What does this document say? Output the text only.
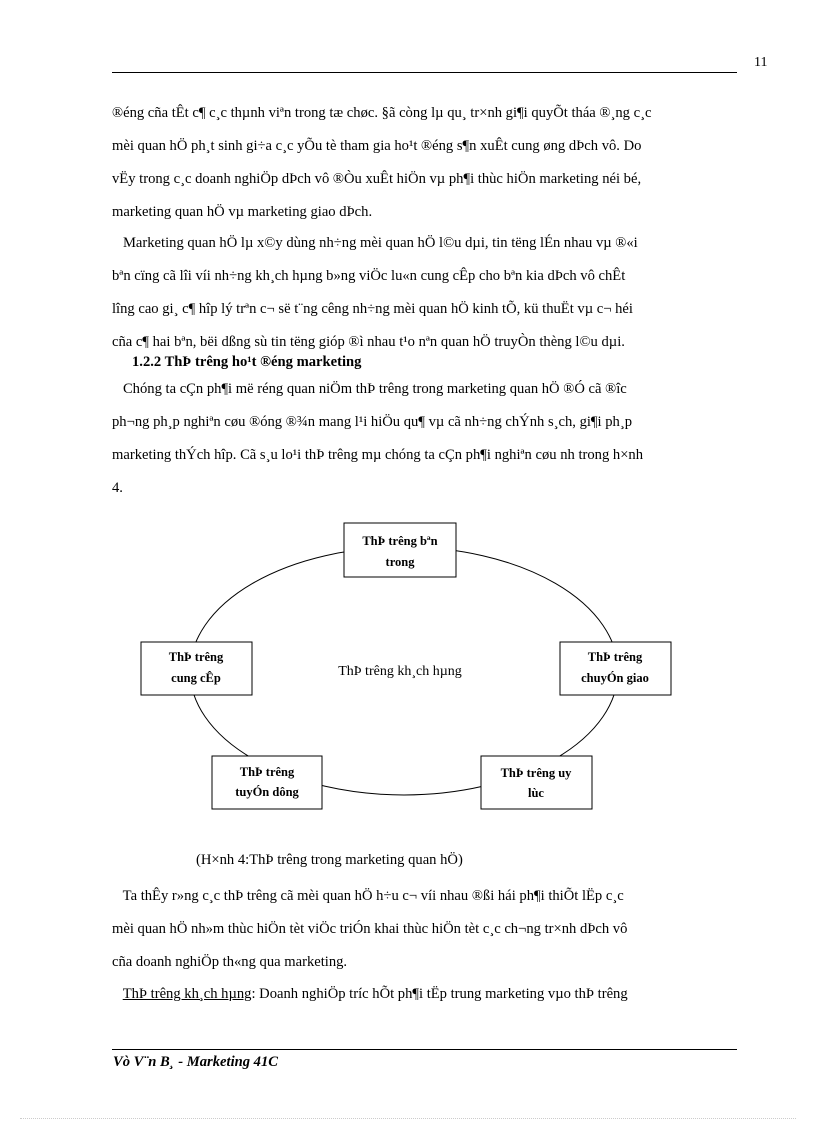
11
®éng cña tÊt c¶ c¸c thµnh viªn trong tæ chøc. §ã còng lµ qu¸ tr×nh gi¶i quyÕt tháa ®¸ng c¸c
mèi quan hÖ ph¸t sinh gi÷a c¸c yÕu tè tham gia ho¹t ®éng s¶n xuÊt cung øng dÞch vô. Do
vËy trong c¸c doanh nghiÖp dÞch vô ®Òu xuÊt hiÖn vµ ph¶i thùc hiÖn marketing néi bé,
marketing quan hÖ vµ marketing giao dÞch.
Marketing quan hÖ lµ x©y dùng nh÷ng mèi quan hÖ l©u dµi, tin tëng lÉn nhau vµ ®«i
bªn cïng cã lîi víi nh÷ng kh¸ch hµng b»ng viÖc lu«n cung cÊp cho bªn kia dÞch vô chÊt
lîng cao gi¸ c¶ hîp lý trªn c¬ së t¨ng cêng nh÷ng mèi quan hÖ kinh tÕ, kü thuËt vµ c¬ héi
cña c¶ hai bªn, bëi dßng sù tin tëng gióp ®ì nhau t¹o nªn quan hÖ truyÒn thèng l©u dµi.
1.2.2 ThÞ trêng ho¹t ®éng marketing
Chóng ta cÇn ph¶i më réng quan niÖm thÞ trêng trong marketing quan hÖ ®Ó cã ®îc
ph¬ng ph¸p nghiªn cøu ®óng ®¾n mang l¹i hiÖu qu¶ vµ cã nh÷ng chÝnh s¸ch, gi¶i ph¸p
marketing thÝch hîp. Cã s¸u lo¹i thÞ trêng mµ chóng ta cÇn ph¶i nghiªn cøu nh trong h×nh
4.
ThÞ trêng bªn
trong
ThÞ trêng
cung cÊp
ThÞ trêng
chuyÓn giao
ThÞ trêng
tuyÓn dông
ThÞ trêng uy
lùc
ThÞ trêng kh¸ch hµng
(H×nh 4:ThÞ trêng trong marketing quan hÖ)
Ta thÊy r»ng c¸c thÞ trêng cã mèi quan hÖ h÷u c¬ víi nhau ®ßi hái ph¶i thiÕt lËp c¸c
mèi quan hÖ nh»m thùc hiÖn tèt viÖc triÓn khai thùc hiÖn tèt c¸c ch¬ng tr×nh dÞch vô
cña doanh nghiÖp th«ng qua marketing.
ThÞ trêng kh¸ch hµng: Doanh nghiÖp tríc hÕt ph¶i tËp trung marketing vµo thÞ trêng
Vò V¨n B¸ - Marketing 41C
